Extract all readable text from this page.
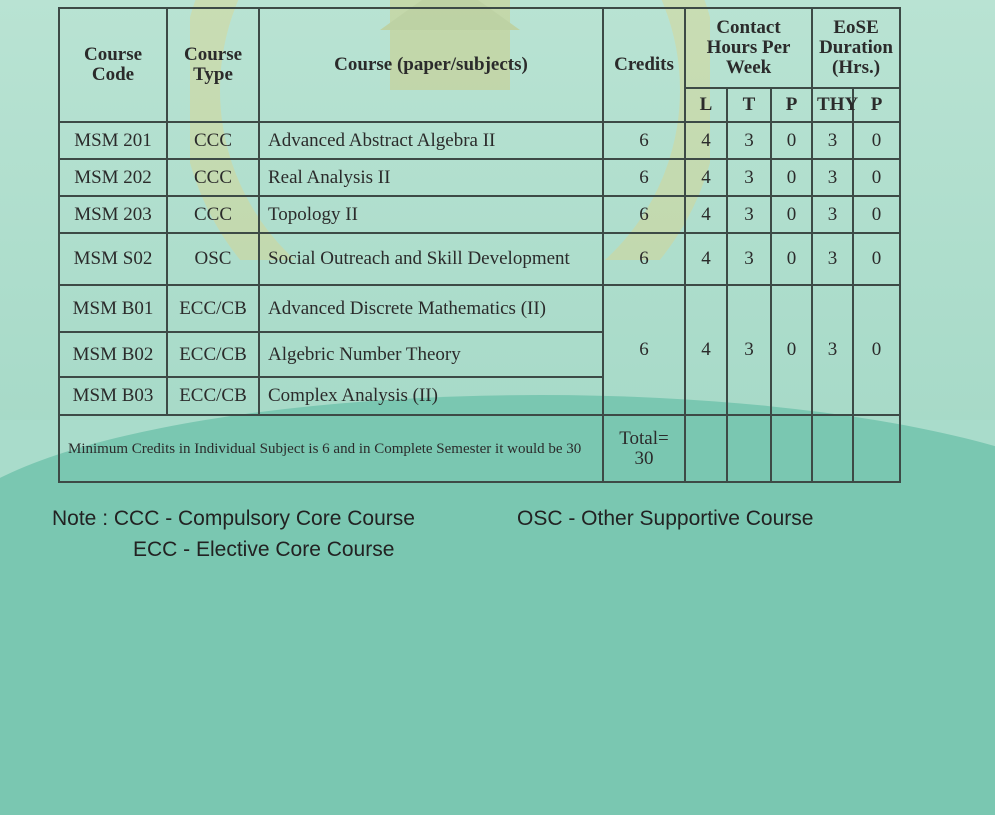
Course Code	Course Type	Course (paper/subjects)	Credits	Contact Hours Per Week			EoSE Duration (Hrs.)	
				L	T	P	THY	P
MSM 201	CCC	Advanced Abstract Algebra II	6	4	3	0	3	0
MSM 202	CCC	Real Analysis II	6	4	3	0	3	0
MSM 203	CCC	Topology II	6	4	3	0	3	0
MSM S02	OSC	Social Outreach and Skill Development	6	4	3	0	3	0
MSM B01	ECC/CB	Advanced Discrete Mathematics (II)	6	4	3	0	3	0
MSM B02	ECC/CB	Algebric Number Theory						
MSM B03	ECC/CB	Complex Analysis (II)						
Minimum Credits in Individual Subject is 6 and in Complete Semester it would be 30			Total= 30					
Note : CCC - Compulsory Core Course	OSC - Other Supportive Course
ECC - Elective Core Course
